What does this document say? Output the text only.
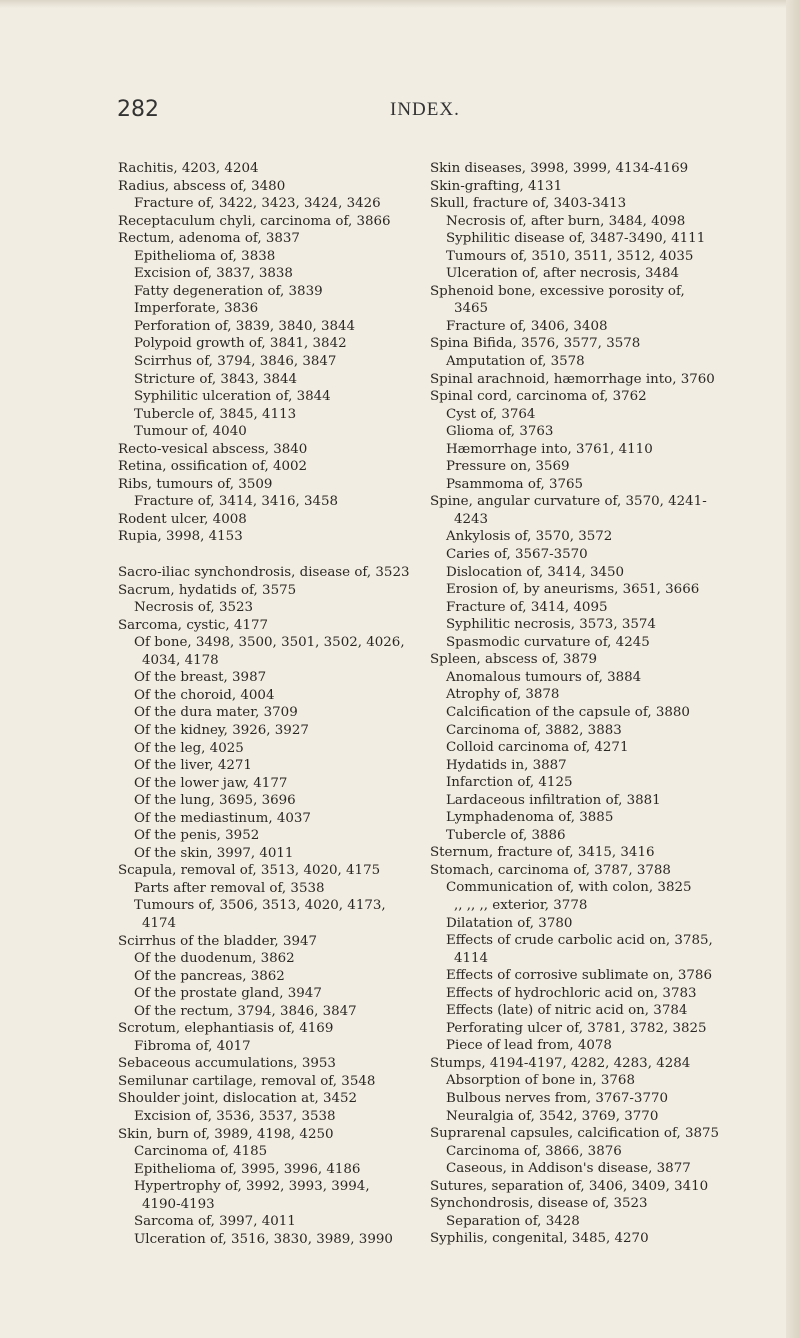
282	INDEX.
Rachitis, 4203, 4204
Radius, abscess of, 3480
Fracture of, 3422, 3423, 3424, 3426
Receptaculum chyli, carcinoma of, 3866
Rectum, adenoma of, 3837
Epithelioma of, 3838
Excision of, 3837, 3838
Fatty degeneration of, 3839
Imperforate, 3836
Perforation of, 3839, 3840, 3844
Polypoid growth of, 3841, 3842
Scirrhus of, 3794, 3846, 3847
Stricture of, 3843, 3844
Syphilitic ulceration of, 3844
Tubercle of, 3845, 4113
Tumour of, 4040
Recto-vesical abscess, 3840
Retina, ossification of, 4002
Ribs, tumours of, 3509
Fracture of, 3414, 3416, 3458
Rodent ulcer, 4008
Rupia, 3998, 4153
Sacro-iliac synchondrosis, disease of, 3523
Sacrum, hydatids of, 3575
Necrosis of, 3523
Sarcoma, cystic, 4177
Of bone, 3498, 3500, 3501, 3502, 4026,
4034, 4178
Of the breast, 3987
Of the choroid, 4004
Of the dura mater, 3709
Of the kidney, 3926, 3927
Of the leg, 4025
Of the liver, 4271
Of the lower jaw, 4177
Of the lung, 3695, 3696
Of the mediastinum, 4037
Of the penis, 3952
Of the skin, 3997, 4011
Scapula, removal of, 3513, 4020, 4175
Parts after removal of, 3538
Tumours of, 3506, 3513, 4020, 4173,
4174
Scirrhus of the bladder, 3947
Of the duodenum, 3862
Of the pancreas, 3862
Of the prostate gland, 3947
Of the rectum, 3794, 3846, 3847
Scrotum, elephantiasis of, 4169
Fibroma of, 4017
Sebaceous accumulations, 3953
Semilunar cartilage, removal of, 3548
Shoulder joint, dislocation at, 3452
Excision of, 3536, 3537, 3538
Skin, burn of, 3989, 4198, 4250
Carcinoma of, 4185
Epithelioma of, 3995, 3996, 4186
Hypertrophy of, 3992, 3993, 3994,
4190-4193
Sarcoma of, 3997, 4011
Ulceration of, 3516, 3830, 3989, 3990
Skin diseases, 3998, 3999, 4134-4169
Skin-grafting, 4131
Skull, fracture of, 3403-3413
Necrosis of, after burn, 3484, 4098
Syphilitic disease of, 3487-3490, 4111
Tumours of, 3510, 3511, 3512, 4035
Ulceration of, after necrosis, 3484
Sphenoid bone, excessive porosity of,
3465
Fracture of, 3406, 3408
Spina Bifida, 3576, 3577, 3578
Amputation of, 3578
Spinal arachnoid, hæmorrhage into, 3760
Spinal cord, carcinoma of, 3762
Cyst of, 3764
Glioma of, 3763
Hæmorrhage into, 3761, 4110
Pressure on, 3569
Psammoma of, 3765
Spine, angular curvature of, 3570, 4241-
4243
Ankylosis of, 3570, 3572
Caries of, 3567-3570
Dislocation of, 3414, 3450
Erosion of, by aneurisms, 3651, 3666
Fracture of, 3414, 4095
Syphilitic necrosis, 3573, 3574
Spasmodic curvature of, 4245
Spleen, abscess of, 3879
Anomalous tumours of, 3884
Atrophy of, 3878
Calcification of the capsule of, 3880
Carcinoma of, 3882, 3883
Colloid carcinoma of, 4271
Hydatids in, 3887
Infarction of, 4125
Lardaceous infiltration of, 3881
Lymphadenoma of, 3885
Tubercle of, 3886
Sternum, fracture of, 3415, 3416
Stomach, carcinoma of, 3787, 3788
Communication of, with colon, 3825
,, ,, ,, exterior, 3778
Dilatation of, 3780
Effects of crude carbolic acid on, 3785,
4114
Effects of corrosive sublimate on, 3786
Effects of hydrochloric acid on, 3783
Effects (late) of nitric acid on, 3784
Perforating ulcer of, 3781, 3782, 3825
Piece of lead from, 4078
Stumps, 4194-4197, 4282, 4283, 4284
Absorption of bone in, 3768
Bulbous nerves from, 3767-3770
Neuralgia of, 3542, 3769, 3770
Suprarenal capsules, calcification of, 3875
Carcinoma of, 3866, 3876
Caseous, in Addison's disease, 3877
Sutures, separation of, 3406, 3409, 3410
Synchondrosis, disease of, 3523
Separation of, 3428
Syphilis, congenital, 3485, 4270
